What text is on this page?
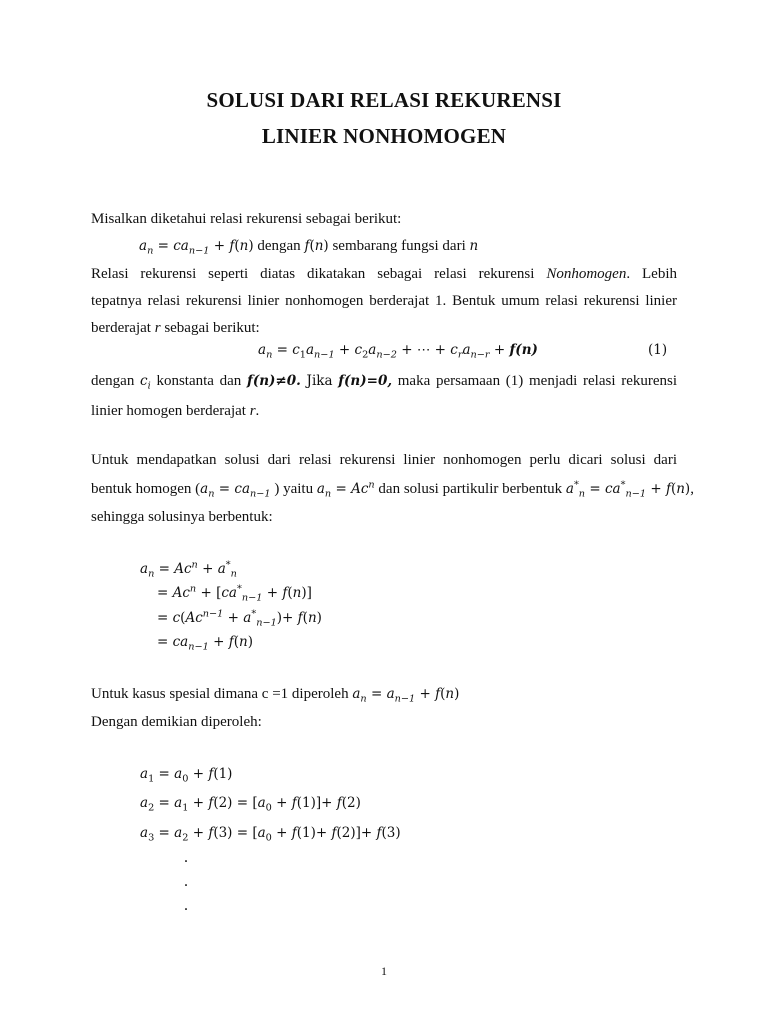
SOLUSI DARI RELASI REKURENSI
LINIER NONHOMOGEN
Misalkan diketahui relasi rekurensi sebagai berikut:
$a_n = ca_{n-1} + f(n)$ dengan f(n) sembarang fungsi dari n
Relasi rekurensi seperti diatas dikatakan sebagai relasi rekurensi Nonhomogen. Lebih
tepatnya relasi rekurensi linier nonhomogen berderajat 1. Bentuk umum relasi rekurensi linier
berderajat r sebagai berikut:
$a_n = c_1a_{n-1} + c_2a_{n-2}$ + ⋯ + $c_ra_{n-r} + f(n)$	(1)
dengan $c_i$ konstanta dan f(n)≠0. Jika f(n)=0, maka persamaan (1) menjadi relasi rekurensi
linier homogen berderajat r.
Untuk mendapatkan solusi dari relasi rekurensi linier nonhomogen perlu dicari solusi dari
bentuk homogen ($a_n = ca_{n-1}$ ) yaitu $a_n = Ac^n$ dan solusi partikulir berbentuk $a^*_n = ca^*_{n-1} + f(n)$,
sehingga solusinya berbentuk:
$a_n = Ac^n + a^*_n$
= $Ac^n + [ca^*_{n-1} + f(n)]$
= $c(Ac^{n-1} + a^*_{n-1})+ f(n)$
= $ca_{n-1} + f(n)$
Untuk kasus spesial dimana c =1 diperoleh $a_n = a_{n-1} + f(n)$
Dengan demikian diperoleh:
$a_1 = a_0 + f(1)$
$a_2 = a_1 + f(2) = [a_0 + f(1)]+ f(2)$
$a_3 = a_2 + f(3) = [a_0 + f(1)+ f(2)]+ f(3)$
.
.
.
1
